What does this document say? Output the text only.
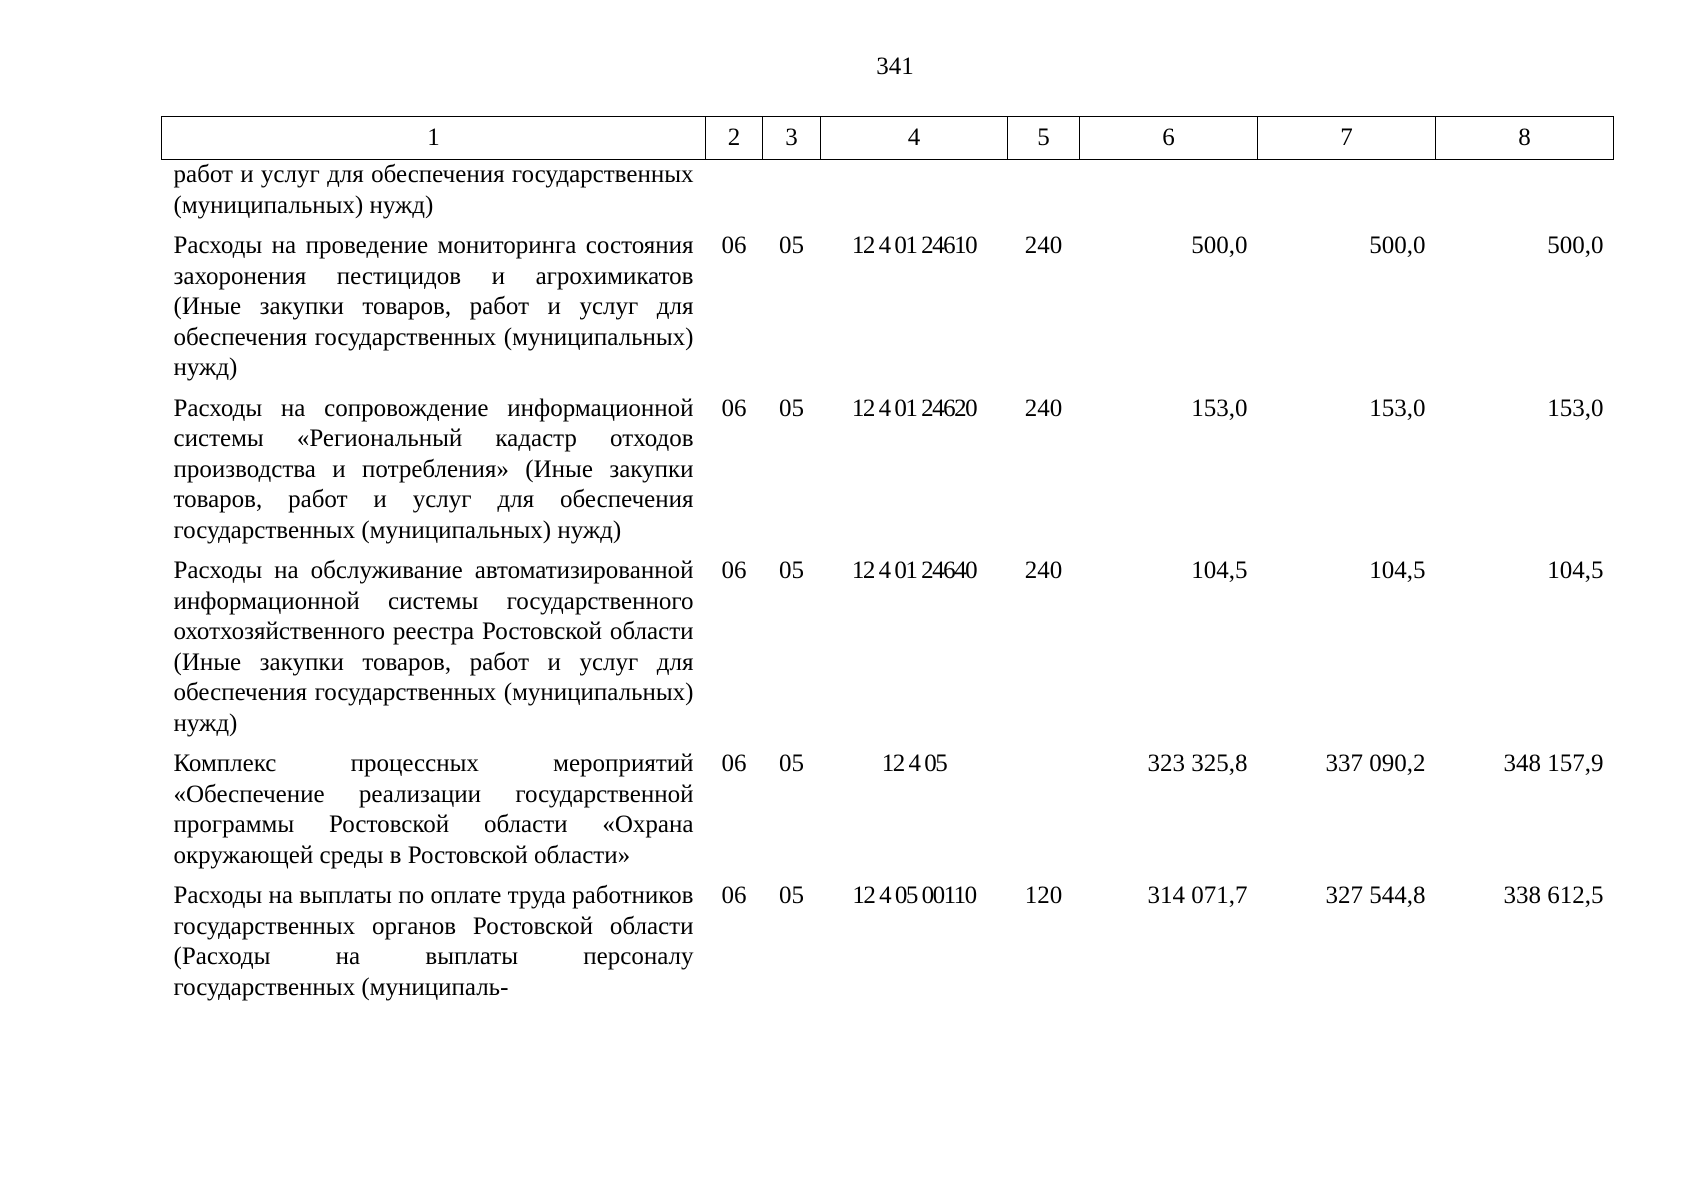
341
1	2	3	4	5	6	7	8
работ и услуг для обеспечения государственных (муниципальных) нужд)							
Расходы на проведение мониторинга состояния захоронения пестицидов и агрохимикатов (Иные закупки товаров, работ и услуг для обеспечения государственных (муниципальных) нужд)	06	05	12 4 01 24610	240	500,0	500,0	500,0
Расходы на сопровождение информационной системы «Региональный кадастр отходов производства и потребления» (Иные закупки товаров, работ и услуг для обеспечения государственных (муниципальных) нужд)	06	05	12 4 01 24620	240	153,0	153,0	153,0
Расходы на обслуживание автоматизированной информационной системы государственного охотхозяйственного реестра Ростовской области (Иные закупки товаров, работ и услуг для обеспечения государственных (муниципальных) нужд)	06	05	12 4 01 24640	240	104,5	104,5	104,5
Комплекс процессных мероприятий «Обеспечение реализации государственной программы Ростовской области «Охрана окружающей среды в Ростовской области»	06	05	12 4 05		323 325,8	337 090,2	348 157,9
Расходы на выплаты по оплате труда работников государственных органов Ростовской области (Расходы на выплаты персоналу государственных (муниципаль-	06	05	12 4 05 00110	120	314 071,7	327 544,8	338 612,5
